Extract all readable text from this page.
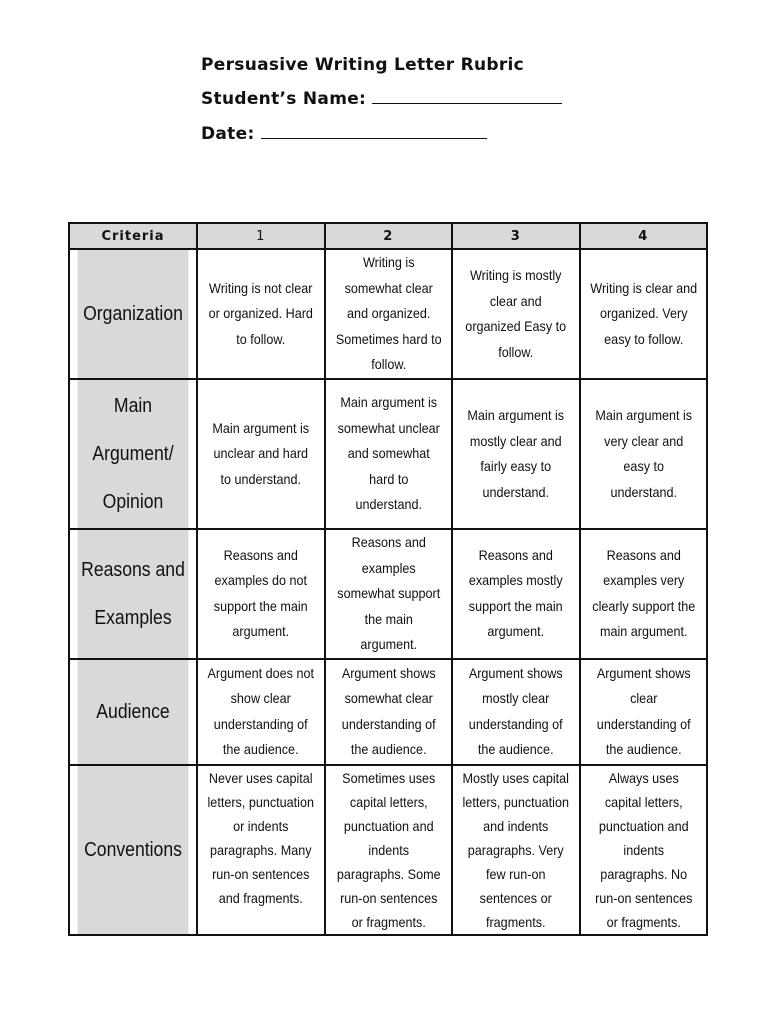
Persuasive Writing Letter Rubric
Student’s Name:
Date:
Criteria	1	2	3	4
Organization	Writing is not clear or organized. Hard to follow.	Writing is somewhat clear and organized. Sometimes hard to follow.	Writing is mostly clear and organized Easy to follow.	Writing is clear and organized. Very easy to follow.
Main Argument/ Opinion	Main argument is unclear and hard to understand.	Main argument is somewhat unclear and somewhat hard to understand.	Main argument is mostly clear and fairly easy to understand.	Main argument is very clear and easy to understand.
Reasons and Examples	Reasons and examples do not support the main argument.	Reasons and examples somewhat support the main argument.	Reasons and examples mostly support the main argument.	Reasons and examples very clearly support the main argument.
Audience	Argument does not show clear understanding of the audience.	Argument shows somewhat clear understanding of the audience.	Argument shows mostly clear understanding of the audience.	Argument shows clear understanding of the audience.
Conventions	Never uses capital letters, punctuation or indents paragraphs. Many run-on sentences and fragments.	Sometimes uses capital letters, punctuation and indents paragraphs. Some run-on sentences or fragments.	Mostly uses capital letters, punctuation and indents paragraphs. Very few run-on sentences or fragments.	Always uses capital letters, punctuation and indents paragraphs. No run-on sentences or fragments.
